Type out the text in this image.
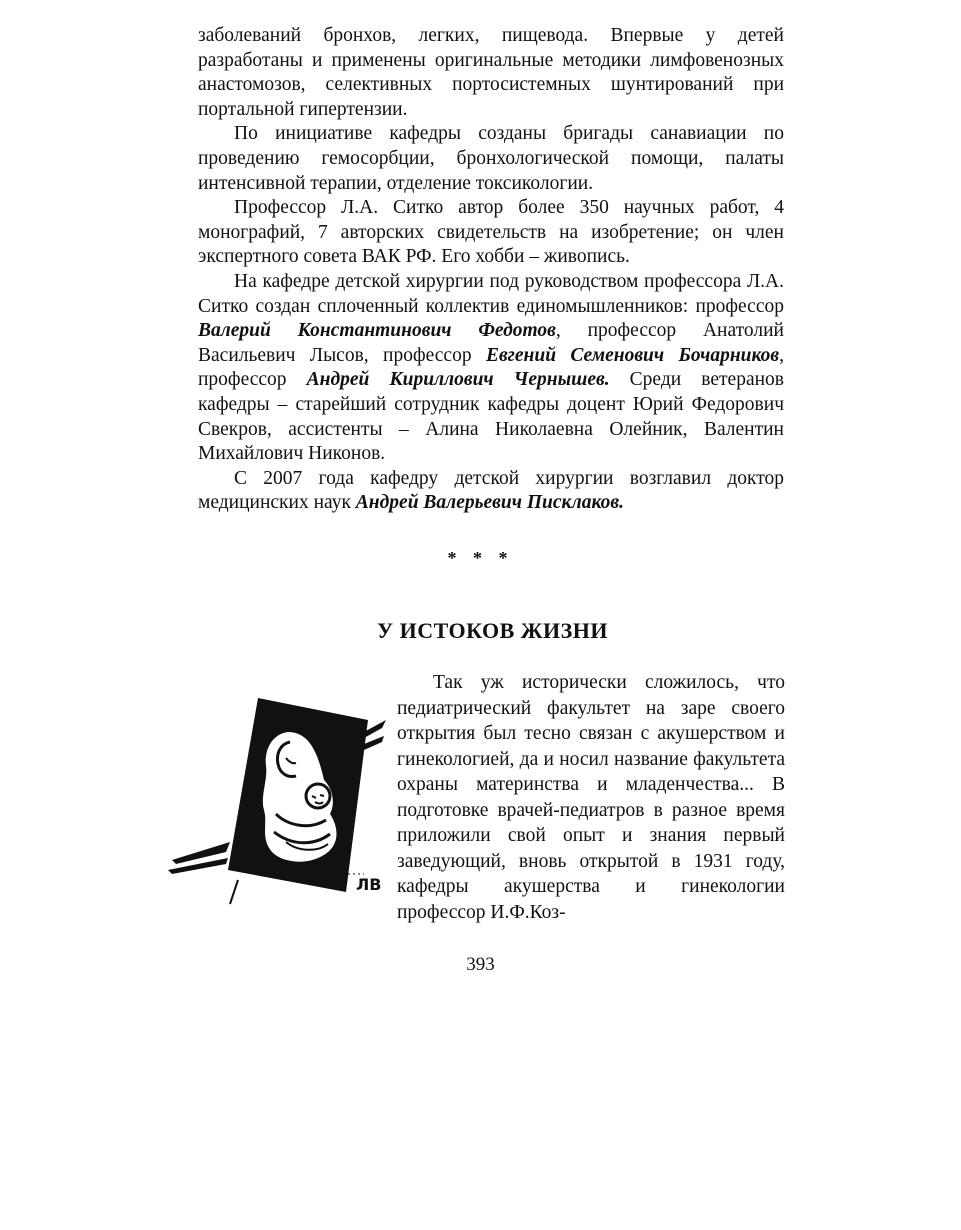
заболеваний бронхов, легких, пищевода. Впервые у детей разработаны и применены оригинальные методики лимфовенозных анастомозов, селективных портосистемных шунтирований при портальной гипертензии.

По инициативе кафедры созданы бригады санавиации по проведению гемосорбции, бронхологической помощи, палаты интенсивной терапии, отделение токсикологии.

Профессор Л.А. Ситко автор более 350 научных работ, 4 монографий, 7 авторских свидетельств на изобретение; он член экспертного совета ВАК РФ. Его хобби – живопись.

На кафедре детской хирургии под руководством профессора Л.А. Ситко создан сплоченный коллектив единомышленников: профессор Валерий Константинович Федотов, профессор Анатолий Васильевич Лысов, профессор Евгений Семенович Бочарников, профессор Андрей Кириллович Чернышев. Среди ветеранов кафедры – старейший сотрудник кафедры доцент Юрий Федорович Свекров, ассистенты – Алина Николаевна Олейник, Валентин Михайлович Никонов.

С 2007 года кафедру детской хирургии возглавил доктор медицинских наук Андрей Валерьевич Писклаков.

* * *
У ИСТОКОВ ЖИЗНИ
ЛВ

Так уж исторически сложилось, что педиатрический факультет на заре своего открытия был тесно связан с акушерством и гинекологией, да и носил название факультета охраны материнства и младенчества... В подготовке врачей-педиатров в разное время приложили свой опыт и знания первый заведующий, вновь открытой в 1931 году, кафедры акушерства и гинекологии профессор И.Ф.Коз-

393
